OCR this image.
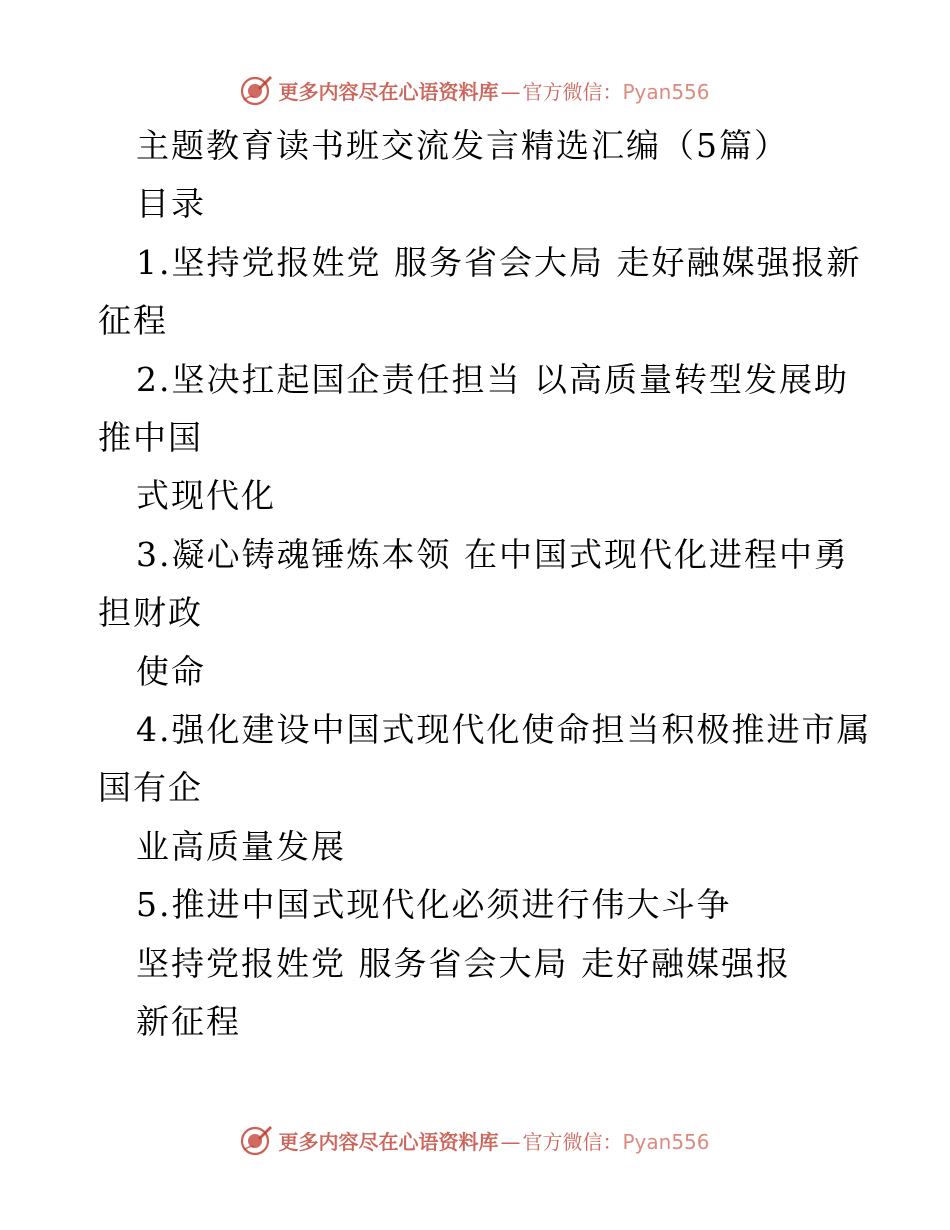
更多内容尽在心语资料库 — 官方微信：Pyan556
主题教育读书班交流发言精选汇编（5篇）
目录
1.坚持党报姓党 服务省会大局 走好融媒强报新
征程
2.坚决扛起国企责任担当 以高质量转型发展助
推中国
式现代化
3.凝心铸魂锤炼本领 在中国式现代化进程中勇
担财政
使命
4.强化建设中国式现代化使命担当积极推进市属
国有企
业高质量发展
5.推进中国式现代化必须进行伟大斗争
坚持党报姓党 服务省会大局 走好融媒强报
新征程
更多内容尽在心语资料库 — 官方微信：Pyan556
